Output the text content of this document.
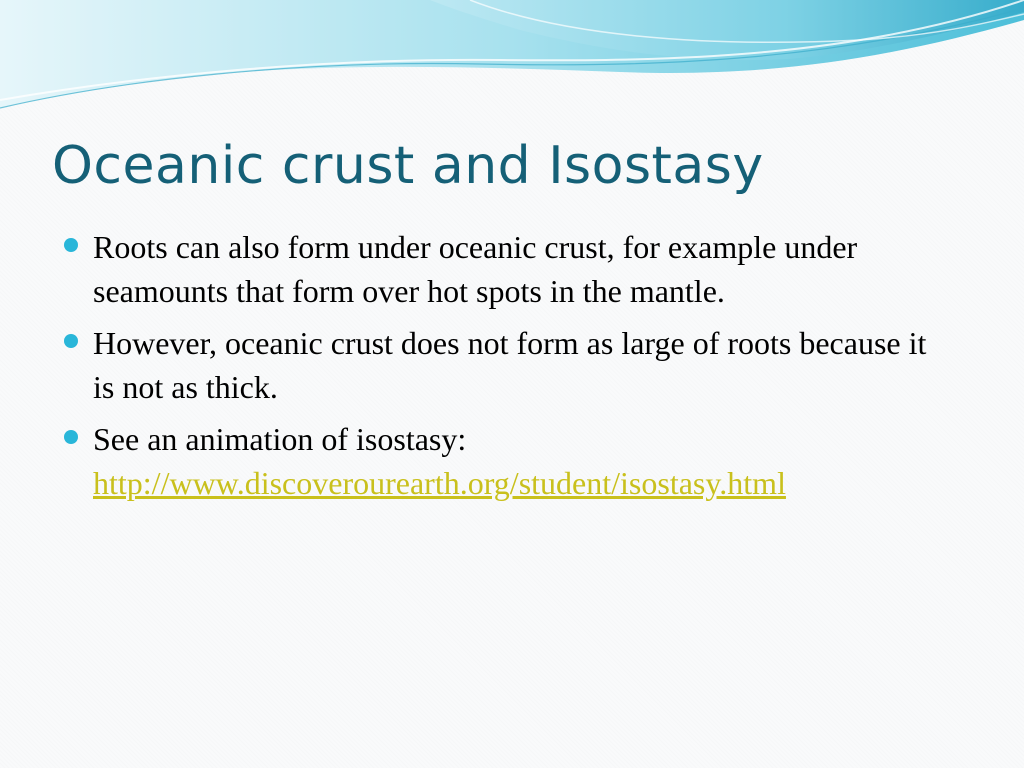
Oceanic crust and Isostasy
Roots can also form under oceanic crust, for example under seamounts that form over hot spots in the mantle.
However, oceanic crust does not form as large of roots because it is not as thick.
See an animation of isostasy:
http://www.discoverourearth.org/student/isostasy.html
